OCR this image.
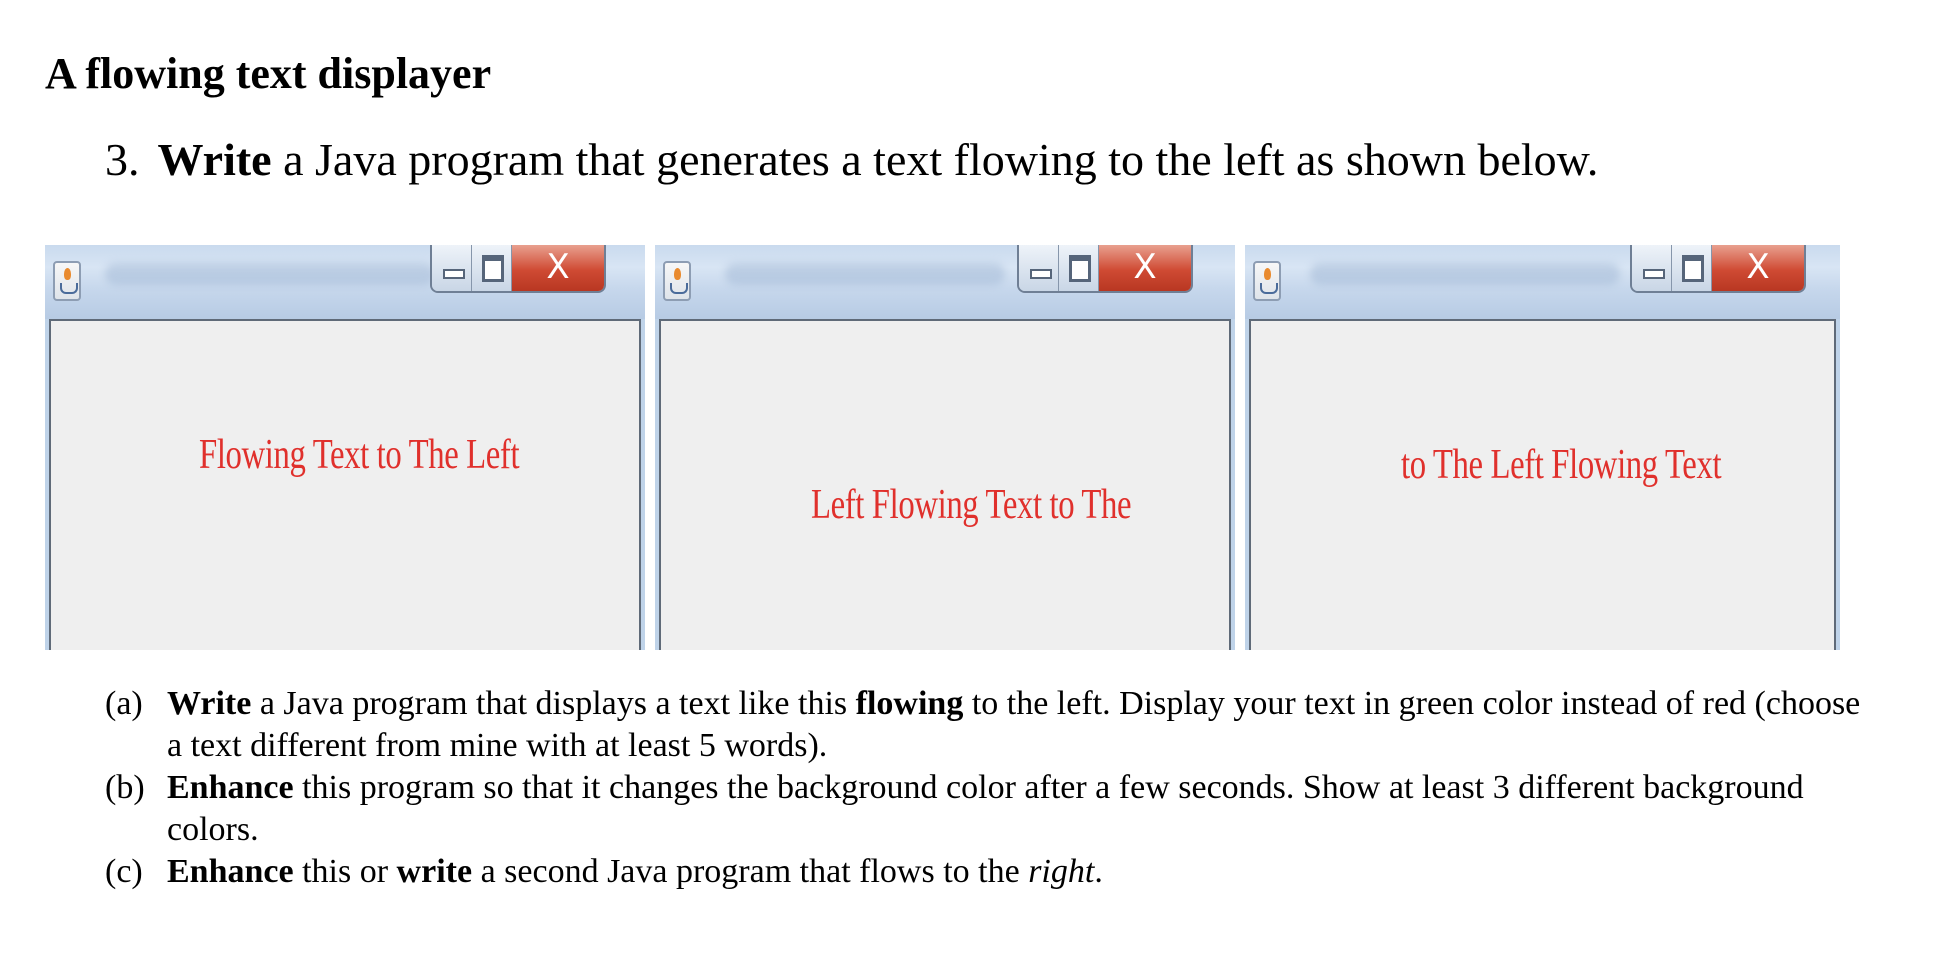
A flowing text displayer
3. Write a Java program that generates a text flowing to the left as shown below.
X
Flowing Text to The Left
X
Left Flowing Text to The
X
to The Left Flowing Text
(a) Write a Java program that displays a text like this flowing to the left. Display your text in green color instead of red (choose a text different from mine with at least 5 words).
(b) Enhance this program so that it changes the background color after a few seconds. Show at least 3 different background colors.
(c) Enhance this or write a second Java program that flows to the right.
